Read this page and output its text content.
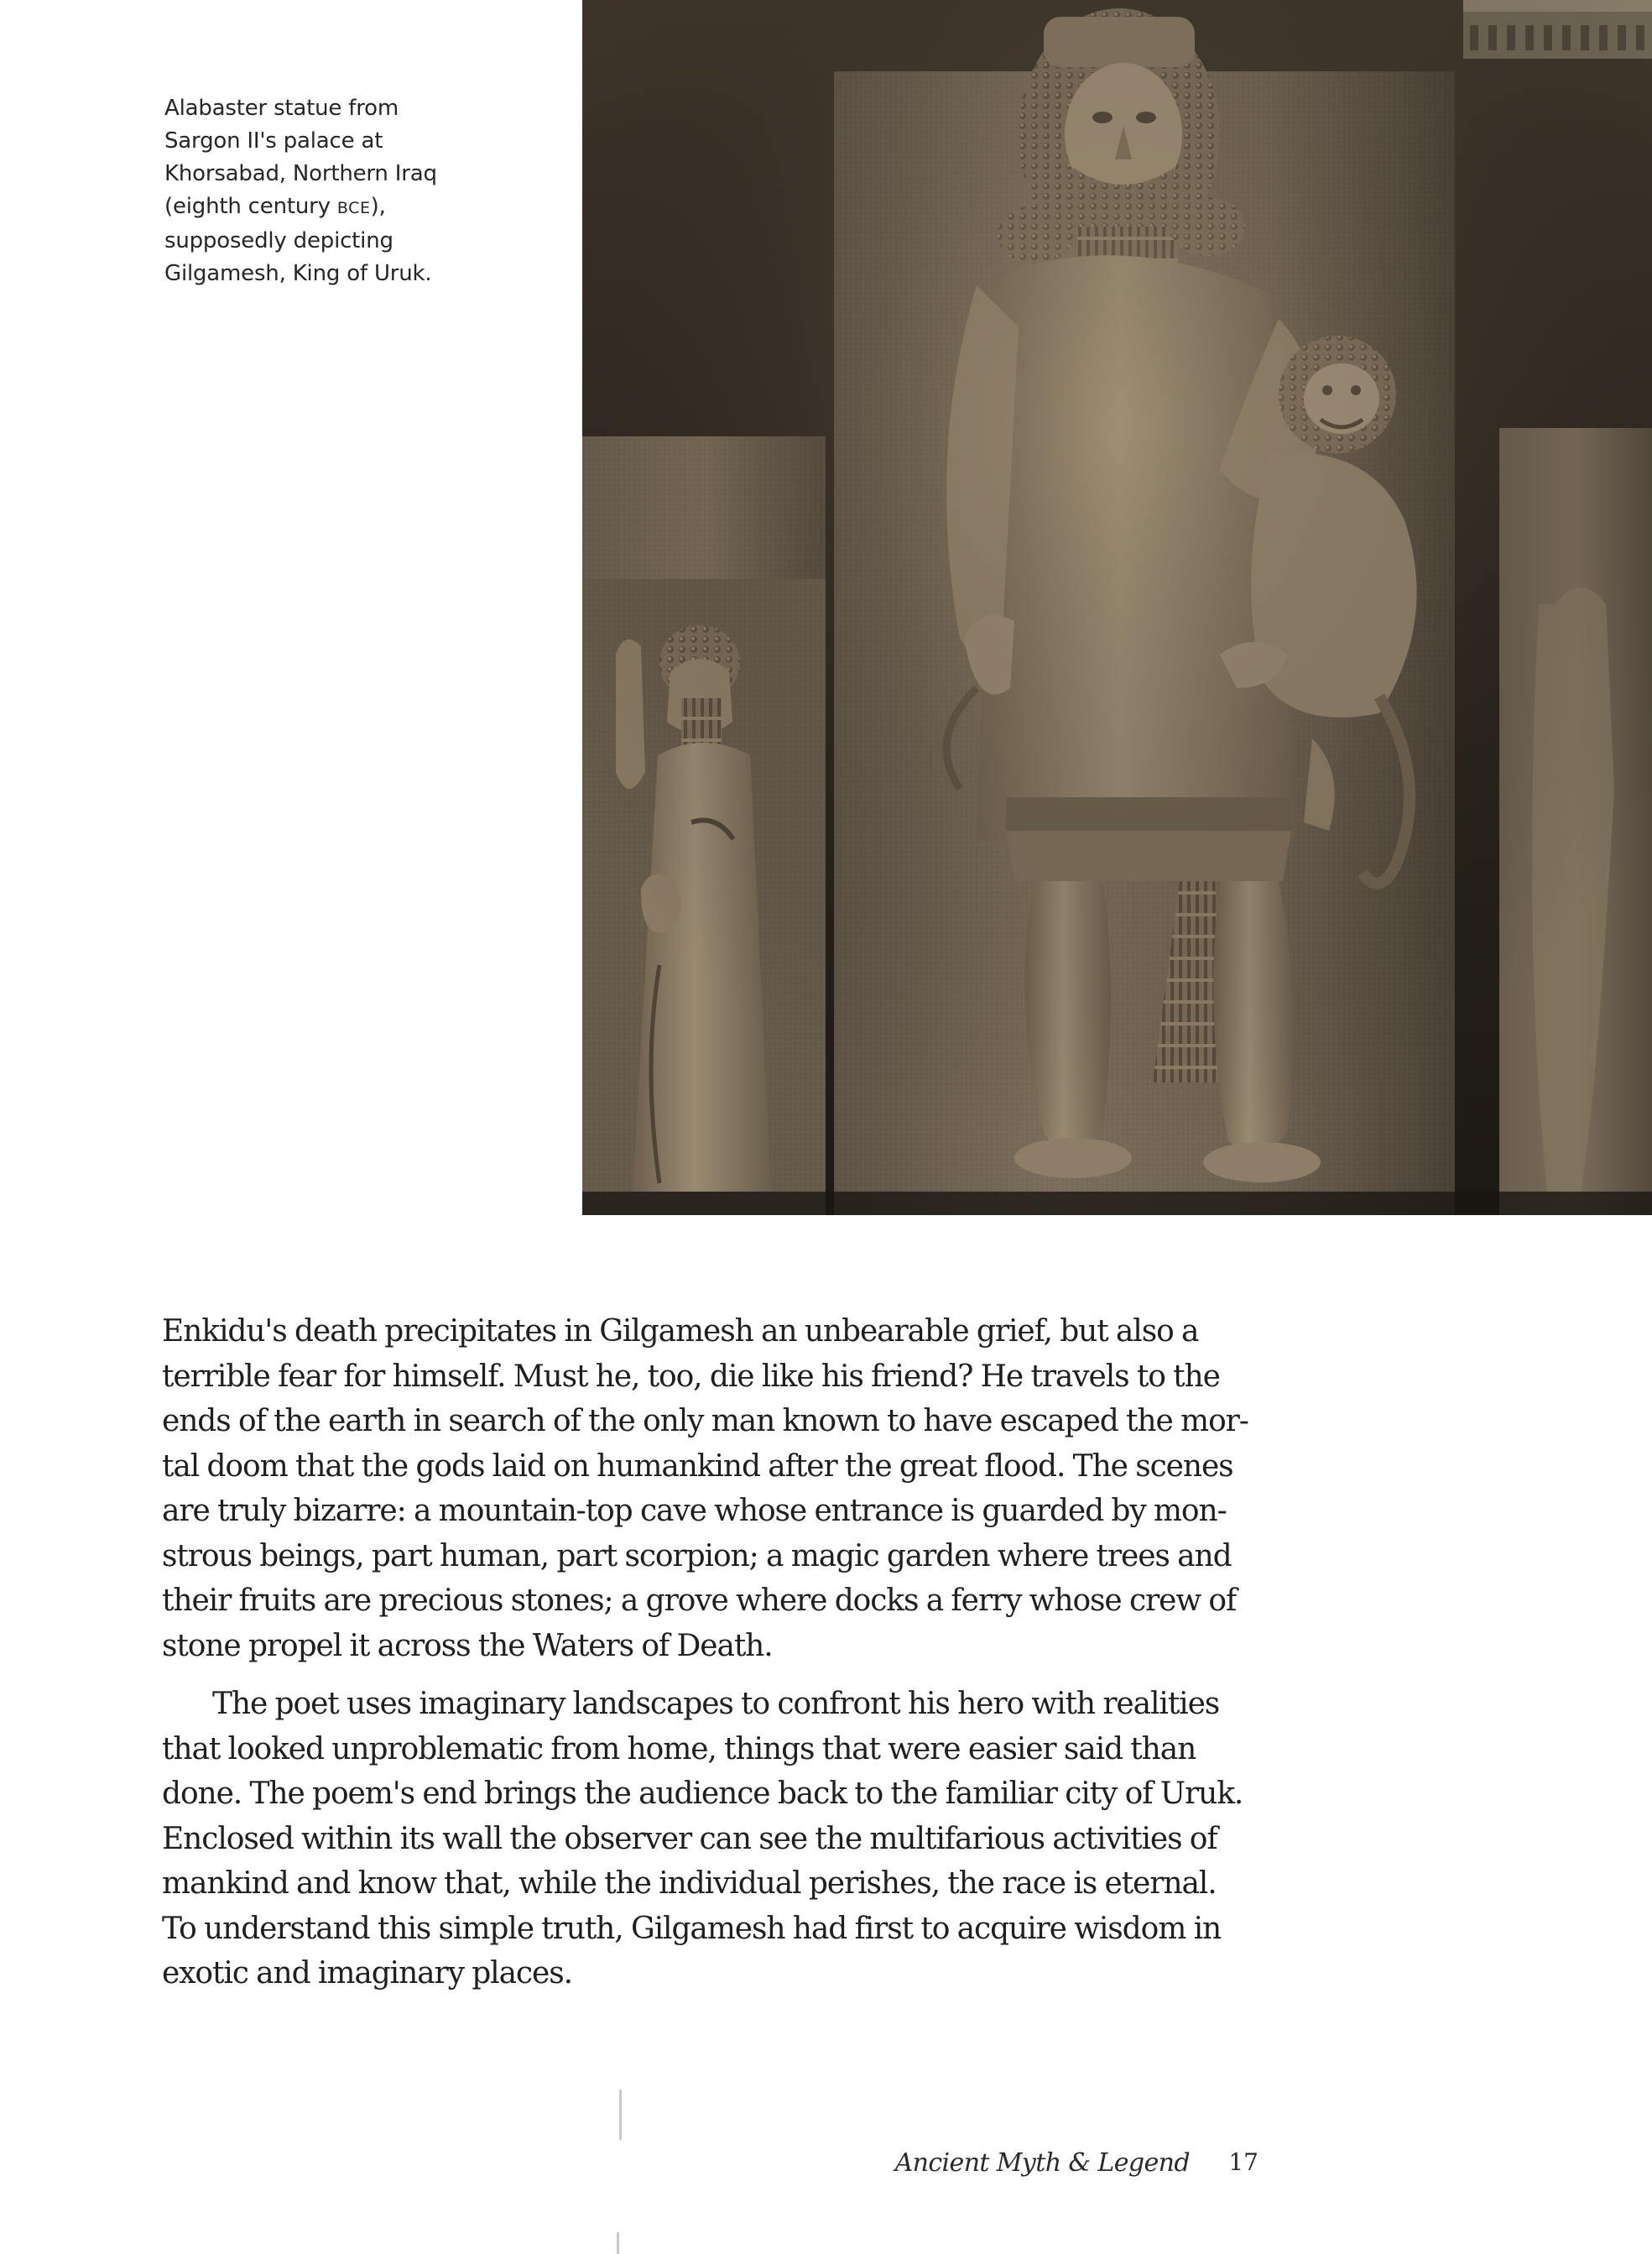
Alabaster statue from
Sargon II's palace at
Khorsabad, Northern Iraq
(eighth century BCE),
supposedly depicting
Gilgamesh, King of Uruk.

Enkidu's death precipitates in Gilgamesh an unbearable grief, but also a
terrible fear for himself. Must he, too, die like his friend? He travels to the
ends of the earth in search of the only man known to have escaped the mor-
tal doom that the gods laid on humankind after the great flood. The scenes
are truly bizarre: a mountain-top cave whose entrance is guarded by mon-
strous beings, part human, part scorpion; a magic garden where trees and
their fruits are precious stones; a grove where docks a ferry whose crew of
stone propel it across the Waters of Death.

The poet uses imaginary landscapes to confront his hero with realities
that looked unproblematic from home, things that were easier said than
done. The poem's end brings the audience back to the familiar city of Uruk.
Enclosed within its wall the observer can see the multifarious activities of
mankind and know that, while the individual perishes, the race is eternal.
To understand this simple truth, Gilgamesh had first to acquire wisdom in
exotic and imaginary places.

Ancient Myth & Legend 17
